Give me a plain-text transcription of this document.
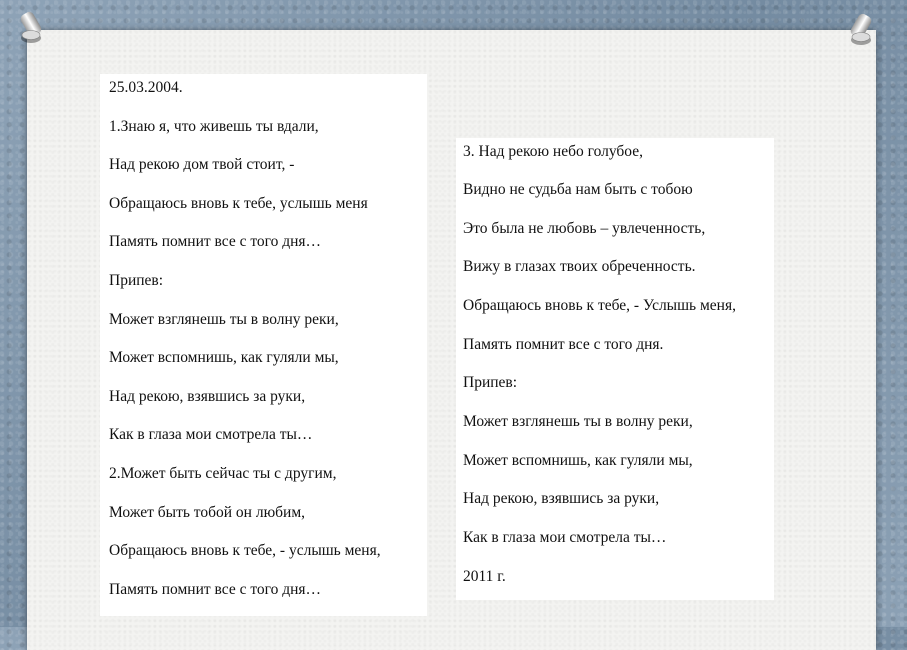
25.03.2004.
1.Знаю я, что живешь ты вдали,
Над рекою дом твой стоит, -
Обращаюсь вновь к тебе, услышь меня
Память помнит все с того дня…
Припев:
Может взглянешь ты в волну реки,
Может вспомнишь, как гуляли мы,
Над рекою, взявшись за руки,
Как в глаза мои смотрела ты…
2.Может быть сейчас ты с другим,
Может быть тобой он любим,
Обращаюсь вновь к тебе, - услышь меня,
Память помнит все с того дня…
3. Над рекою небо голубое,
Видно не судьба нам быть с тобою
Это была не любовь – увлеченность,
Вижу в глазах твоих обреченность.
Обращаюсь вновь к тебе, - Услышь меня,
Память помнит все с того дня.
Припев:
Может взглянешь ты в волну реки,
Может вспомнишь, как гуляли мы,
Над рекою, взявшись за руки,
Как в глаза мои смотрела ты…
2011 г.
